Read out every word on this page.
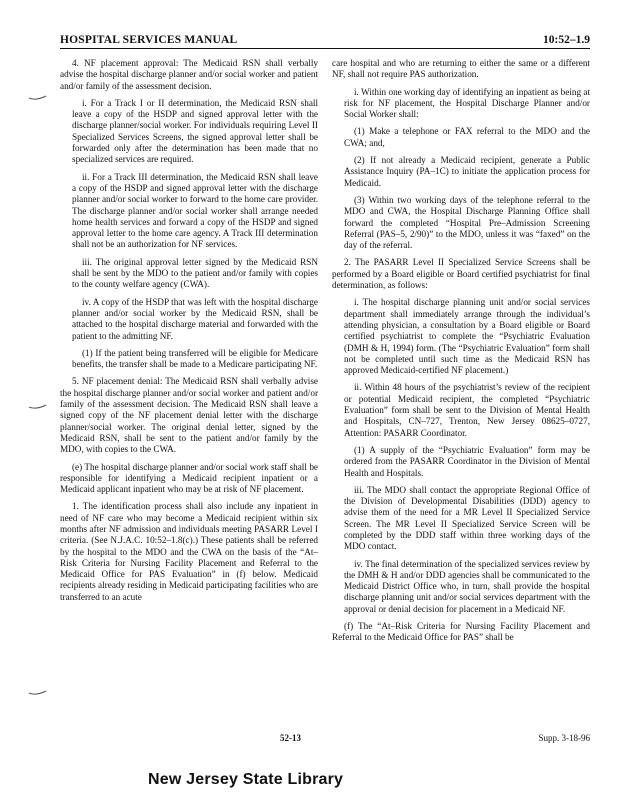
HOSPITAL SERVICES MANUAL	10:52–1.9

4. NF placement approval: The Medicaid RSN shall verbally advise the hospital discharge planner and/or social worker and patient and/or family of the assessment decision.

i. For a Track I or II determination, the Medicaid RSN shall leave a copy of the HSDP and signed approval letter with the discharge planner/social worker. For individuals requiring Level II Specialized Services Screens, the signed approval letter shall be forwarded only after the determination has been made that no specialized services are required.

ii. For a Track III determination, the Medicaid RSN shall leave a copy of the HSDP and signed approval letter with the discharge planner and/or social worker to forward to the home care provider. The discharge planner and/or social worker shall arrange needed home health services and forward a copy of the HSDP and signed approval letter to the home care agency. A Track III determination shall not be an authorization for NF services.

iii. The original approval letter signed by the Medicaid RSN shall be sent by the MDO to the patient and/or family with copies to the county welfare agency (CWA).

iv. A copy of the HSDP that was left with the hospital discharge planner and/or social worker by the Medicaid RSN, shall be attached to the hospital discharge material and forwarded with the patient to the admitting NF.

(1) If the patient being transferred will be eligible for Medicare benefits, the transfer shall be made to a Medicare participating NF.

5. NF placement denial: The Medicaid RSN shall verbally advise the hospital discharge planner and/or social worker and patient and/or family of the assessment decision. The Medicaid RSN shall leave a signed copy of the NF placement denial letter with the discharge planner/social worker. The original denial letter, signed by the Medicaid RSN, shall be sent to the patient and/or family by the MDO, with copies to the CWA.

(e) The hospital discharge planner and/or social work staff shall be responsible for identifying a Medicaid recipient inpatient or a Medicaid applicant inpatient who may be at risk of NF placement.

1. The identification process shall also include any inpatient in need of NF care who may become a Medicaid recipient within six months after NF admission and individuals meeting PASARR Level I criteria. (See N.J.A.C. 10:52–1.8(c).) These patients shall be referred by the hospital to the MDO and the CWA on the basis of the “At–Risk Criteria for Nursing Facility Placement and Referral to the Medicaid Office for PAS Evaluation” in (f) below. Medicaid recipients already residing in Medicaid participating facilities who are transferred to an acute

care hospital and who are returning to either the same or a different NF, shall not require PAS authorization.

i. Within one working day of identifying an inpatient as being at risk for NF placement, the Hospital Discharge Planner and/or Social Worker shall:

(1) Make a telephone or FAX referral to the MDO and the CWA; and,

(2) If not already a Medicaid recipient, generate a Public Assistance Inquiry (PA–1C) to initiate the application process for Medicaid.

(3) Within two working days of the telephone referral to the MDO and CWA, the Hospital Discharge Planning Office shall forward the completed “Hospital Pre–Admission Screening Referral (PAS–5, 2/90)” to the MDO, unless it was “faxed” on the day of the referral.

2. The PASARR Level II Specialized Service Screens shall be performed by a Board eligible or Board certified psychiatrist for final determination, as follows:

i. The hospital discharge planning unit and/or social services department shall immediately arrange through the individual’s attending physician, a consultation by a Board eligible or Board certified psychiatrist to complete the “Psychiatric Evaluation (DMH & H, 1994) form. (The “Psychiatric Evaluation” form shall not be completed until such time as the Medicaid RSN has approved Medicaid-certified NF placement.)

ii. Within 48 hours of the psychiatrist’s review of the recipient or potential Medicaid recipient, the completed “Psychiatric Evaluation” form shall be sent to the Division of Mental Health and Hospitals, CN–727, Trenton, New Jersey 08625–0727, Attention: PASARR Coordinator.

(1) A supply of the “Psychiatric Evaluation” form may be ordered from the PASARR Coordinator in the Division of Mental Health and Hospitals.

iii. The MDO shall contact the appropriate Regional Office of the Division of Developmental Disabilities (DDD) agency to advise them of the need for a MR Level II Specialized Service Screen. The MR Level II Specialized Service Screen will be completed by the DDD staff within three working days of the MDO contact.

iv. The final determination of the specialized services review by the DMH & H and/or DDD agencies shall be communicated to the Medicaid District Office who, in turn, shall provide the hospital discharge planning unit and/or social services department with the approval or denial decision for placement in a Medicaid NF.

(f) The “At–Risk Criteria for Nursing Facility Placement and Referral to the Medicaid Office for PAS” shall be

52-13	Supp. 3-18-96
New Jersey State Library
